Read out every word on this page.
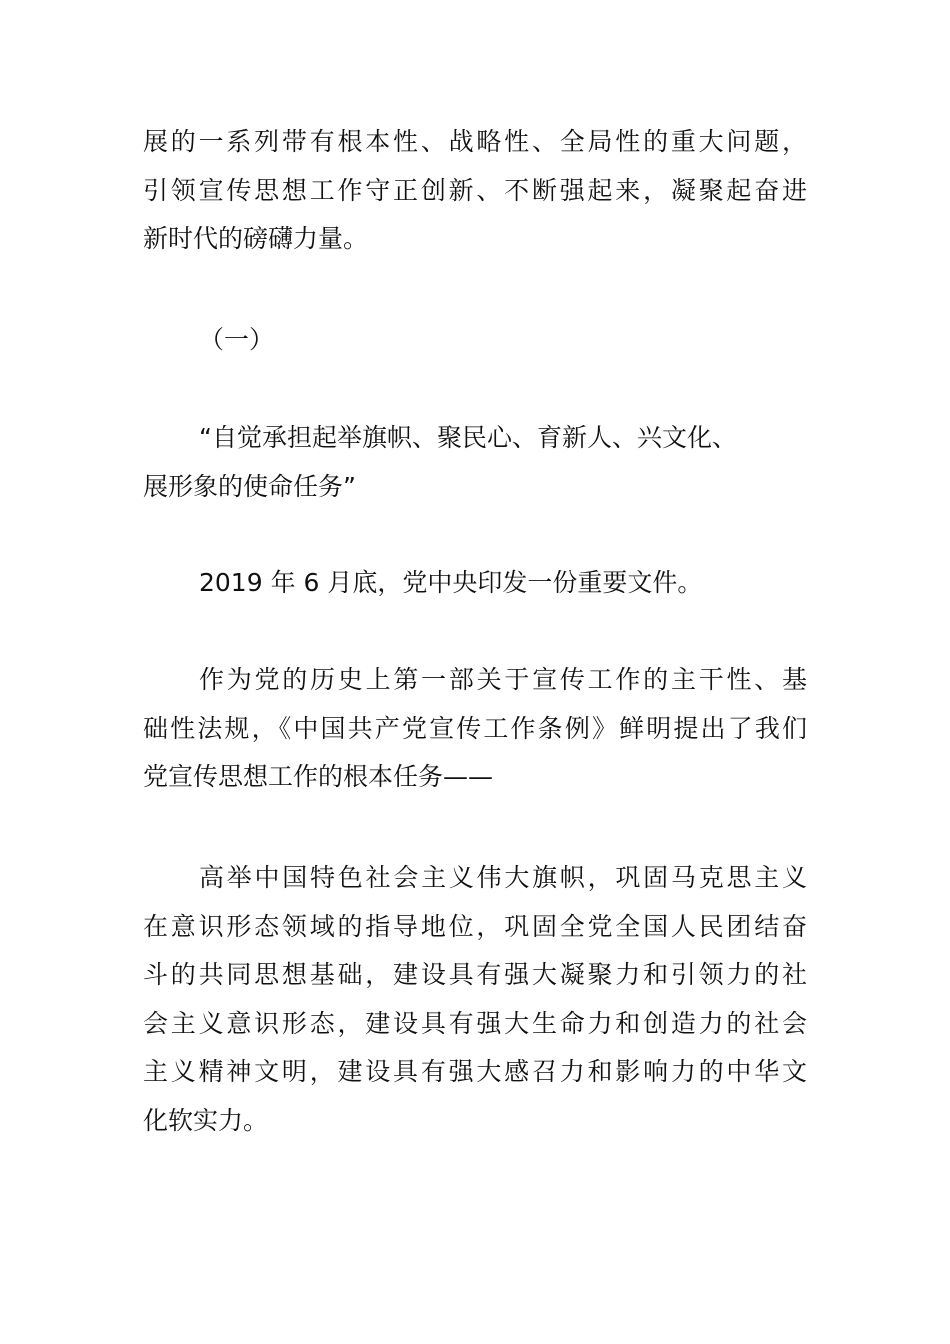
展的一系列带有根本性、战略性、全局性的重大问题，
引领宣传思想工作守正创新、不断强起来，凝聚起奋进
新时代的磅礴力量。
（一）
“自觉承担起举旗帜、聚民心、育新人、兴文化、
展形象的使命任务”
2019 年 6 月底，党中央印发一份重要文件。
作为党的历史上第一部关于宣传工作的主干性、基
础性法规，《中国共产党宣传工作条例》鲜明提出了我们
党宣传思想工作的根本任务——
高举中国特色社会主义伟大旗帜，巩固马克思主义
在意识形态领域的指导地位，巩固全党全国人民团结奋
斗的共同思想基础，建设具有强大凝聚力和引领力的社
会主义意识形态，建设具有强大生命力和创造力的社会
主义精神文明，建设具有强大感召力和影响力的中华文
化软实力。
